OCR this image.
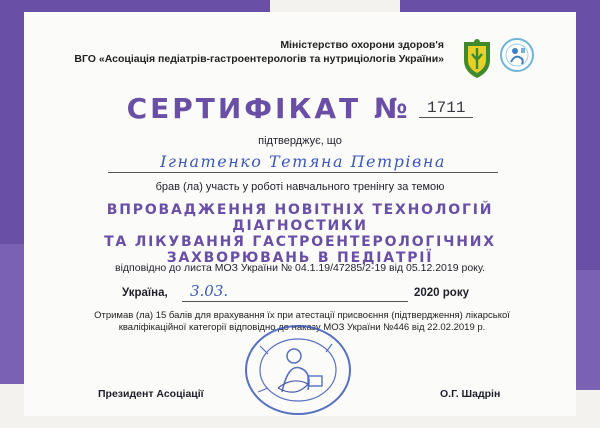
Міністерство охорони здоров'я
ВГО «Асоціація педіатрів-гастроентерологів та нутриціологів України»
СЕРТИФІКАТ № 1711
підтверджує, що
Ігнатенко Тетяна Петрівна
брав (ла) участь у роботі навчального тренінгу за темою
ВПРОВАДЖЕННЯ НОВІТНІХ ТЕХНОЛОГІЙ ДІАГНОСТИКИ
ТА ЛІКУВАННЯ ГАСТРОЕНТЕРОЛОГІЧНИХ
ЗАХВОРЮВАНЬ В ПЕДІАТРІЇ
відповідно до листа МОЗ України № 04.1.19/47285/2-19 від 05.12.2019 року.
Україна, 3.03.	2020 року
Отримав (ла) 15 балів для врахування їх при атестації присвоєння (підтвердження) лікарської
кваліфікаційної категорії відповідно до наказу МОЗ України №446 від 22.02.2019 р.
Президент Асоціації	О.Г. Шадрін
